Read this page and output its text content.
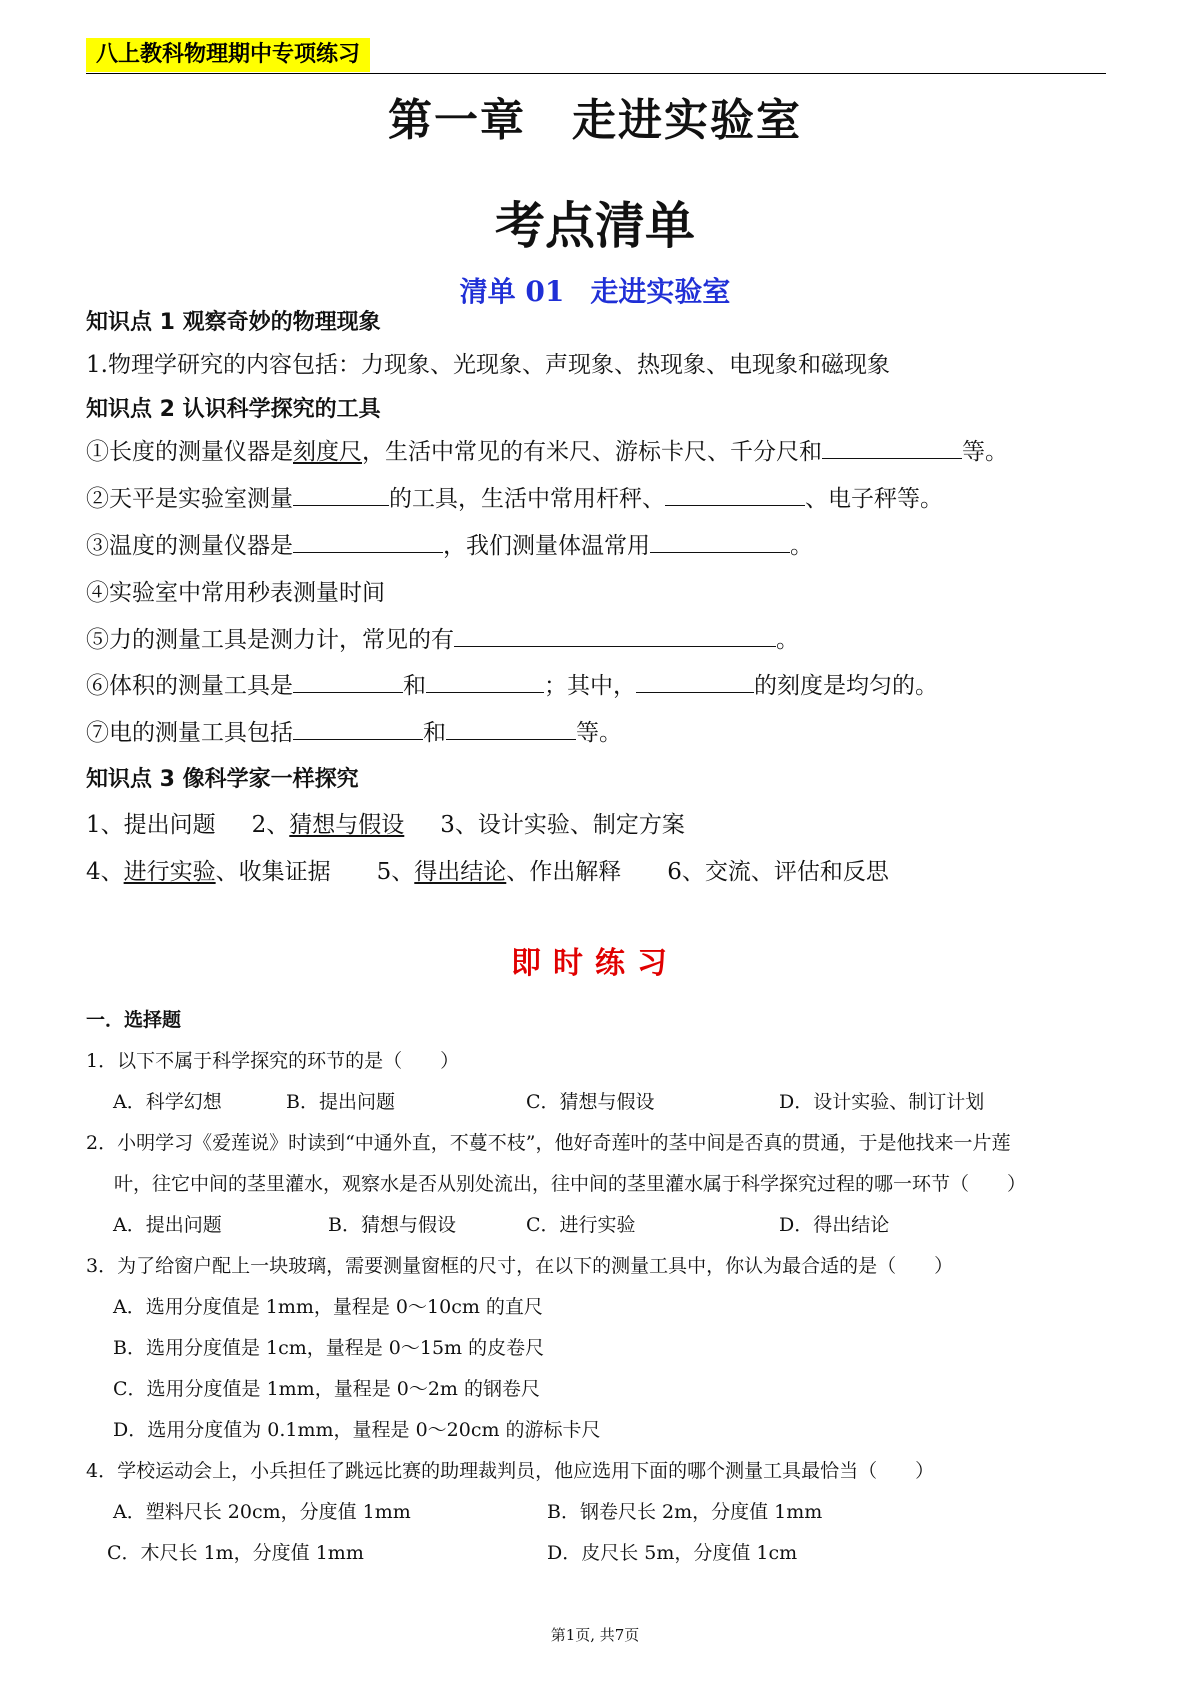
八上教科物理期中专项练习
第一章 走进实验室
考点清单
清单 01 走进实验室
知识点 1 观察奇妙的物理现象
1.物理学研究的内容包括：力现象、光现象、声现象、热现象、电现象和磁现象
知识点 2 认识科学探究的工具
①长度的测量仪器是刻度尺，生活中常见的有米尺、游标卡尺、千分尺和	等。
②天平是实验室测量	的工具，生活中常用杆秤、	、电子秤等。
③温度的测量仪器是	，我们测量体温常用	。
④实验室中常用秒表测量时间
⑤力的测量工具是测力计，常见的有	。
⑥体积的测量工具是	和	；其中，	的刻度是均匀的。
⑦电的测量工具包括	和	等。
知识点 3 像科学家一样探究
1、提出问题 2、猜想与假设 3、设计实验、制定方案
4、进行实验、收集证据 5、得出结论、作出解释 6、交流、评估和反思
即时练习
一．选择题
1．以下不属于科学探究的环节的是（　　）
A．科学幻想	B．提出问题	C．猜想与假设	D．设计实验、制订计划
2．小明学习《爱莲说》时读到“中通外直，不蔓不枝”，他好奇莲叶的茎中间是否真的贯通，于是他找来一片莲
叶，往它中间的茎里灌水，观察水是否从别处流出，往中间的茎里灌水属于科学探究过程的哪一环节（　　）
A．提出问题	B．猜想与假设	C．进行实验	D．得出结论
3．为了给窗户配上一块玻璃，需要测量窗框的尺寸，在以下的测量工具中，你认为最合适的是（　　）
A．选用分度值是 1mm，量程是 0～10cm 的直尺
B．选用分度值是 1cm，量程是 0～15m 的皮卷尺
C．选用分度值是 1mm，量程是 0～2m 的钢卷尺
D．选用分度值为 0.1mm，量程是 0～20cm 的游标卡尺
4．学校运动会上，小兵担任了跳远比赛的助理裁判员，他应选用下面的哪个测量工具最恰当（　　）
A．塑料尺长 20cm，分度值 1mm	B．钢卷尺长 2m，分度值 1mm
C．木尺长 1m，分度值 1mm	D．皮尺长 5m，分度值 1cm
第1页, 共7页
